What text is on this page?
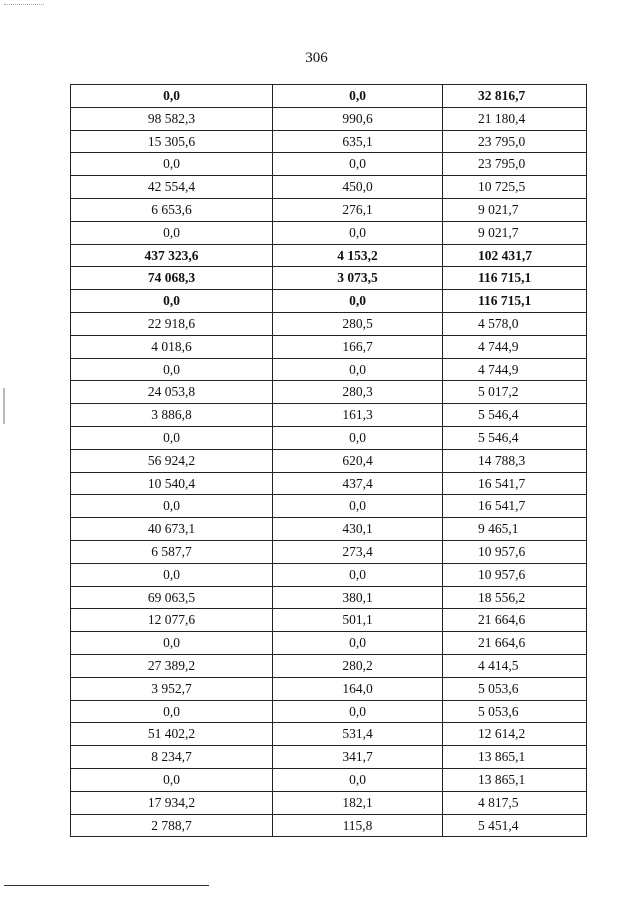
306
0,0	0,0	32 816,7
98 582,3	990,6	21 180,4
15 305,6	635,1	23 795,0
0,0	0,0	23 795,0
42 554,4	450,0	10 725,5
6 653,6	276,1	9 021,7
0,0	0,0	9 021,7
437 323,6	4 153,2	102 431,7
74 068,3	3 073,5	116 715,1
0,0	0,0	116 715,1
22 918,6	280,5	4 578,0
4 018,6	166,7	4 744,9
0,0	0,0	4 744,9
24 053,8	280,3	5 017,2
3 886,8	161,3	5 546,4
0,0	0,0	5 546,4
56 924,2	620,4	14 788,3
10 540,4	437,4	16 541,7
0,0	0,0	16 541,7
40 673,1	430,1	9 465,1
6 587,7	273,4	10 957,6
0,0	0,0	10 957,6
69 063,5	380,1	18 556,2
12 077,6	501,1	21 664,6
0,0	0,0	21 664,6
27 389,2	280,2	4 414,5
3 952,7	164,0	5 053,6
0,0	0,0	5 053,6
51 402,2	531,4	12 614,2
8 234,7	341,7	13 865,1
0,0	0,0	13 865,1
17 934,2	182,1	4 817,5
2 788,7	115,8	5 451,4
